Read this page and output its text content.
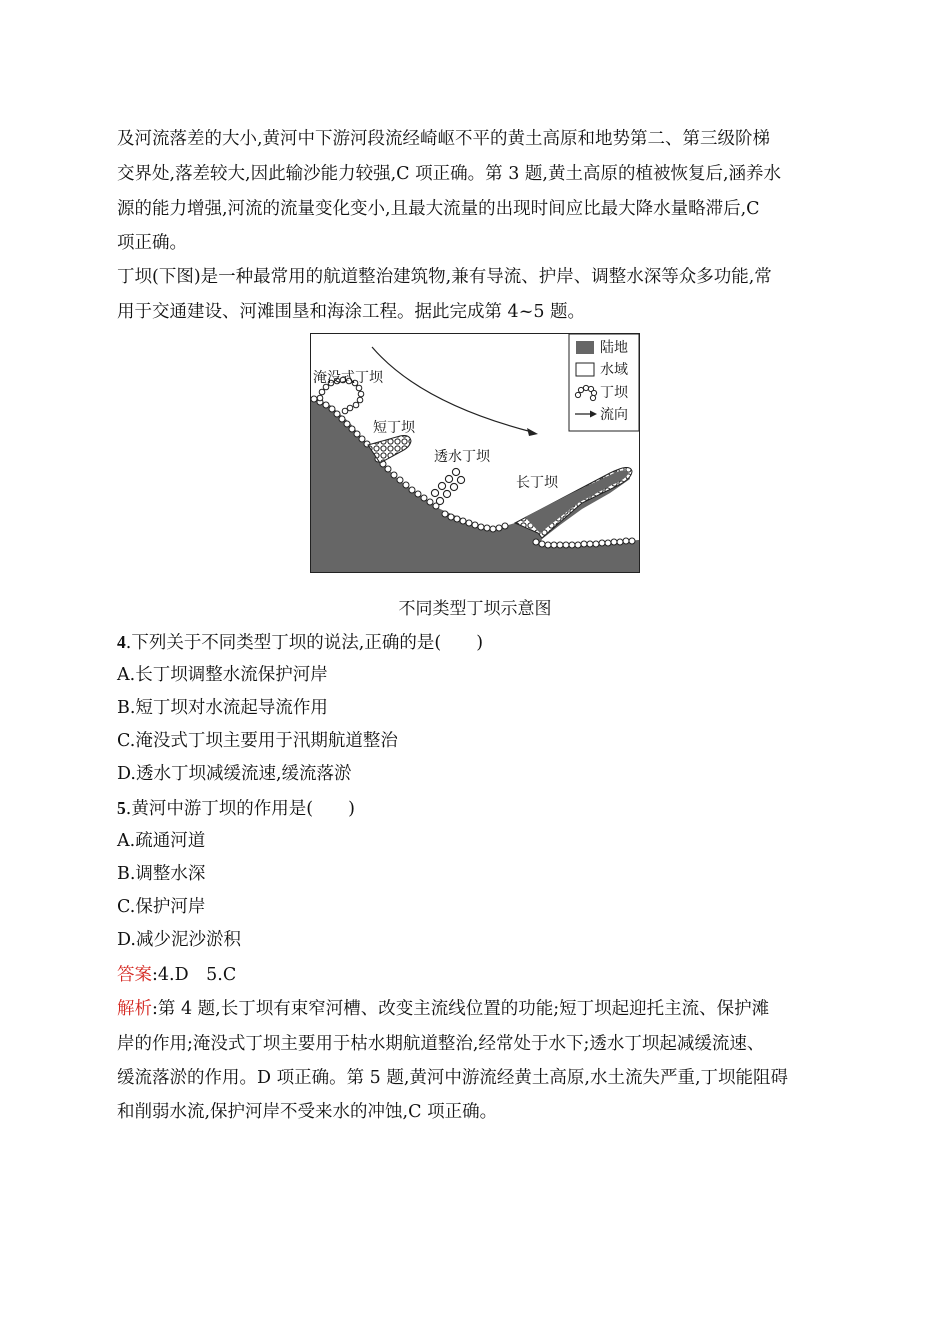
及河流落差的大小,黄河中下游河段流经崎岖不平的黄土高原和地势第二、第三级阶梯

交界处,落差较大,因此输沙能力较强,C 项正确。第 3 题,黄土高原的植被恢复后,涵养水

源的能力增强,河流的流量变化变小,且最大流量的出现时间应比最大降水量略滞后,C

项正确。

丁坝(下图)是一种最常用的航道整治建筑物,兼有导流、护岸、调整水深等众多功能,常

用于交通建设、河滩围垦和海涂工程。据此完成第 4~5 题。

淹没式丁坝
短丁坝
透水丁坝
长丁坝
陆地
水域
丁坝
流向
不同类型丁坝示意图

4.下列关于不同类型丁坝的说法,正确的是(　　)

A.长丁坝调整水流保护河岸

B.短丁坝对水流起导流作用

C.淹没式丁坝主要用于汛期航道整治

D.透水丁坝减缓流速,缓流落淤

5.黄河中游丁坝的作用是(　　)

A.疏通河道

B.调整水深

C.保护河岸

D.减少泥沙淤积

答案:4.D　5.C

解析:第 4 题,长丁坝有束窄河槽、改变主流线位置的功能;短丁坝起迎托主流、保护滩

岸的作用;淹没式丁坝主要用于枯水期航道整治,经常处于水下;透水丁坝起减缓流速、

缓流落淤的作用。D 项正确。第 5 题,黄河中游流经黄土高原,水土流失严重,丁坝能阻碍

和削弱水流,保护河岸不受来水的冲蚀,C 项正确。
